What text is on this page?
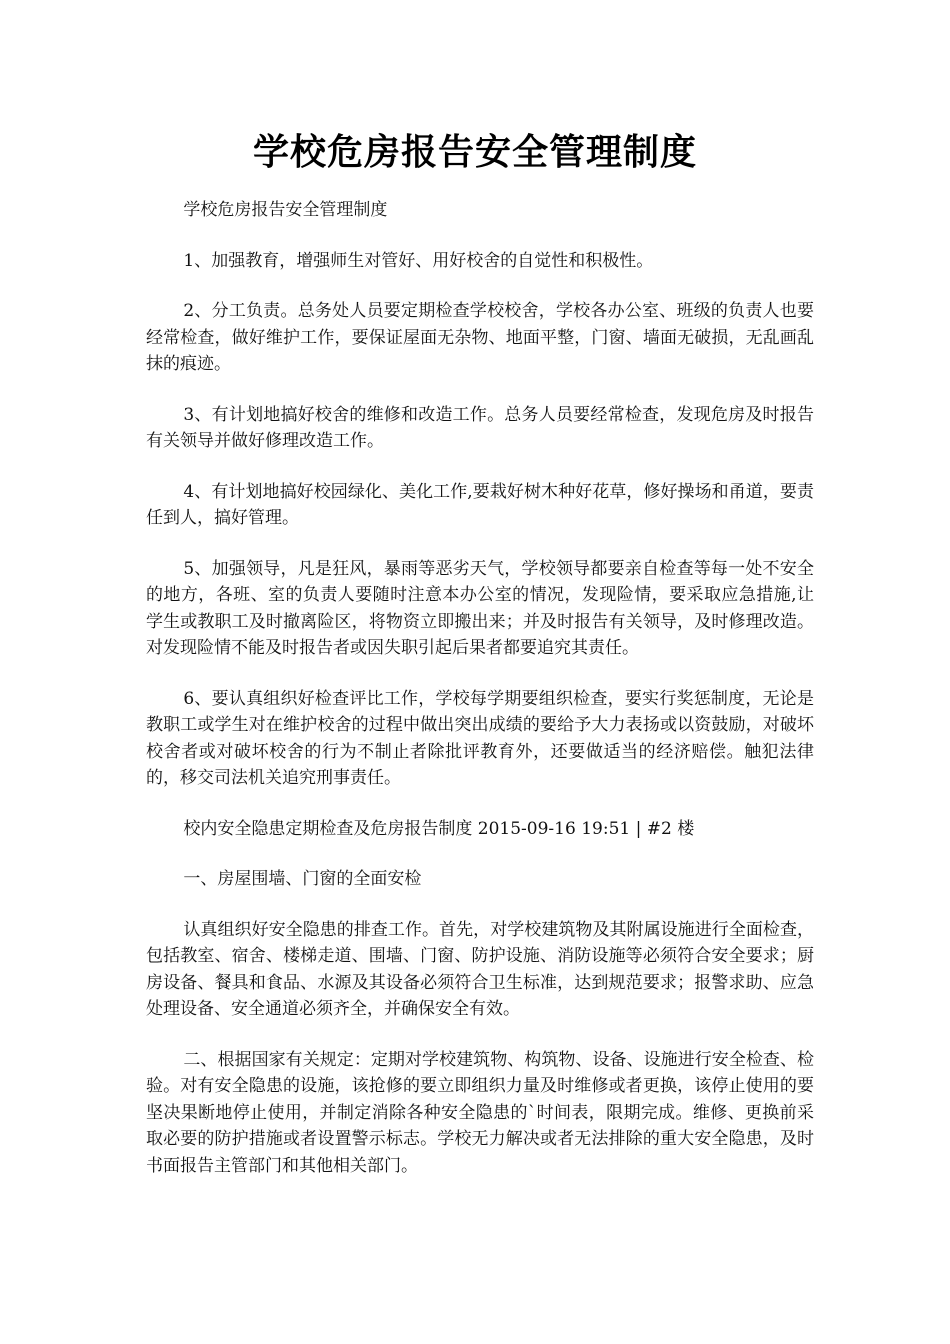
学校危房报告安全管理制度

学校危房报告安全管理制度

1、加强教育，增强师生对管好、用好校舍的自觉性和积极性。

2、分工负责。总务处人员要定期检查学校校舍，学校各办公室、班级的负责人也要经常检查，做好维护工作，要保证屋面无杂物、地面平整，门窗、墙面无破损，无乱画乱抹的痕迹。

3、有计划地搞好校舍的维修和改造工作。总务人员要经常检查，发现危房及时报告有关领导并做好修理改造工作。

4、有计划地搞好校园绿化、美化工作,要栽好树木种好花草，修好操场和甬道，要责任到人，搞好管理。

5、加强领导，凡是狂风，暴雨等恶劣天气，学校领导都要亲自检查等每一处不安全的地方，各班、室的负责人要随时注意本办公室的情况，发现险情，要采取应急措施,让学生或教职工及时撤离险区，将物资立即搬出来；并及时报告有关领导，及时修理改造。对发现险情不能及时报告者或因失职引起后果者都要追究其责任。

6、要认真组织好检查评比工作，学校每学期要组织检查，要实行奖惩制度，无论是教职工或学生对在维护校舍的过程中做出突出成绩的要给予大力表扬或以资鼓励，对破坏校舍者或对破坏校舍的行为不制止者除批评教育外，还要做适当的经济赔偿。触犯法律的，移交司法机关追究刑事责任。

校内安全隐患定期检查及危房报告制度 2015-09-16 19:51 | #2 楼

一、房屋围墙、门窗的全面安检

认真组织好安全隐患的排查工作。首先，对学校建筑物及其附属设施进行全面检查，包括教室、宿舍、楼梯走道、围墙、门窗、防护设施、消防设施等必须符合安全要求；厨房设备、餐具和食品、水源及其设备必须符合卫生标准，达到规范要求；报警求助、应急处理设备、安全通道必须齐全，并确保安全有效。

二、根据国家有关规定：定期对学校建筑物、构筑物、设备、设施进行安全检查、检验。对有安全隐患的设施，该抢修的要立即组织力量及时维修或者更换，该停止使用的要坚决果断地停止使用，并制定消除各种安全隐患的`时间表，限期完成。维修、更换前采取必要的防护措施或者设置警示标志。学校无力解决或者无法排除的重大安全隐患，及时书面报告主管部门和其他相关部门。
